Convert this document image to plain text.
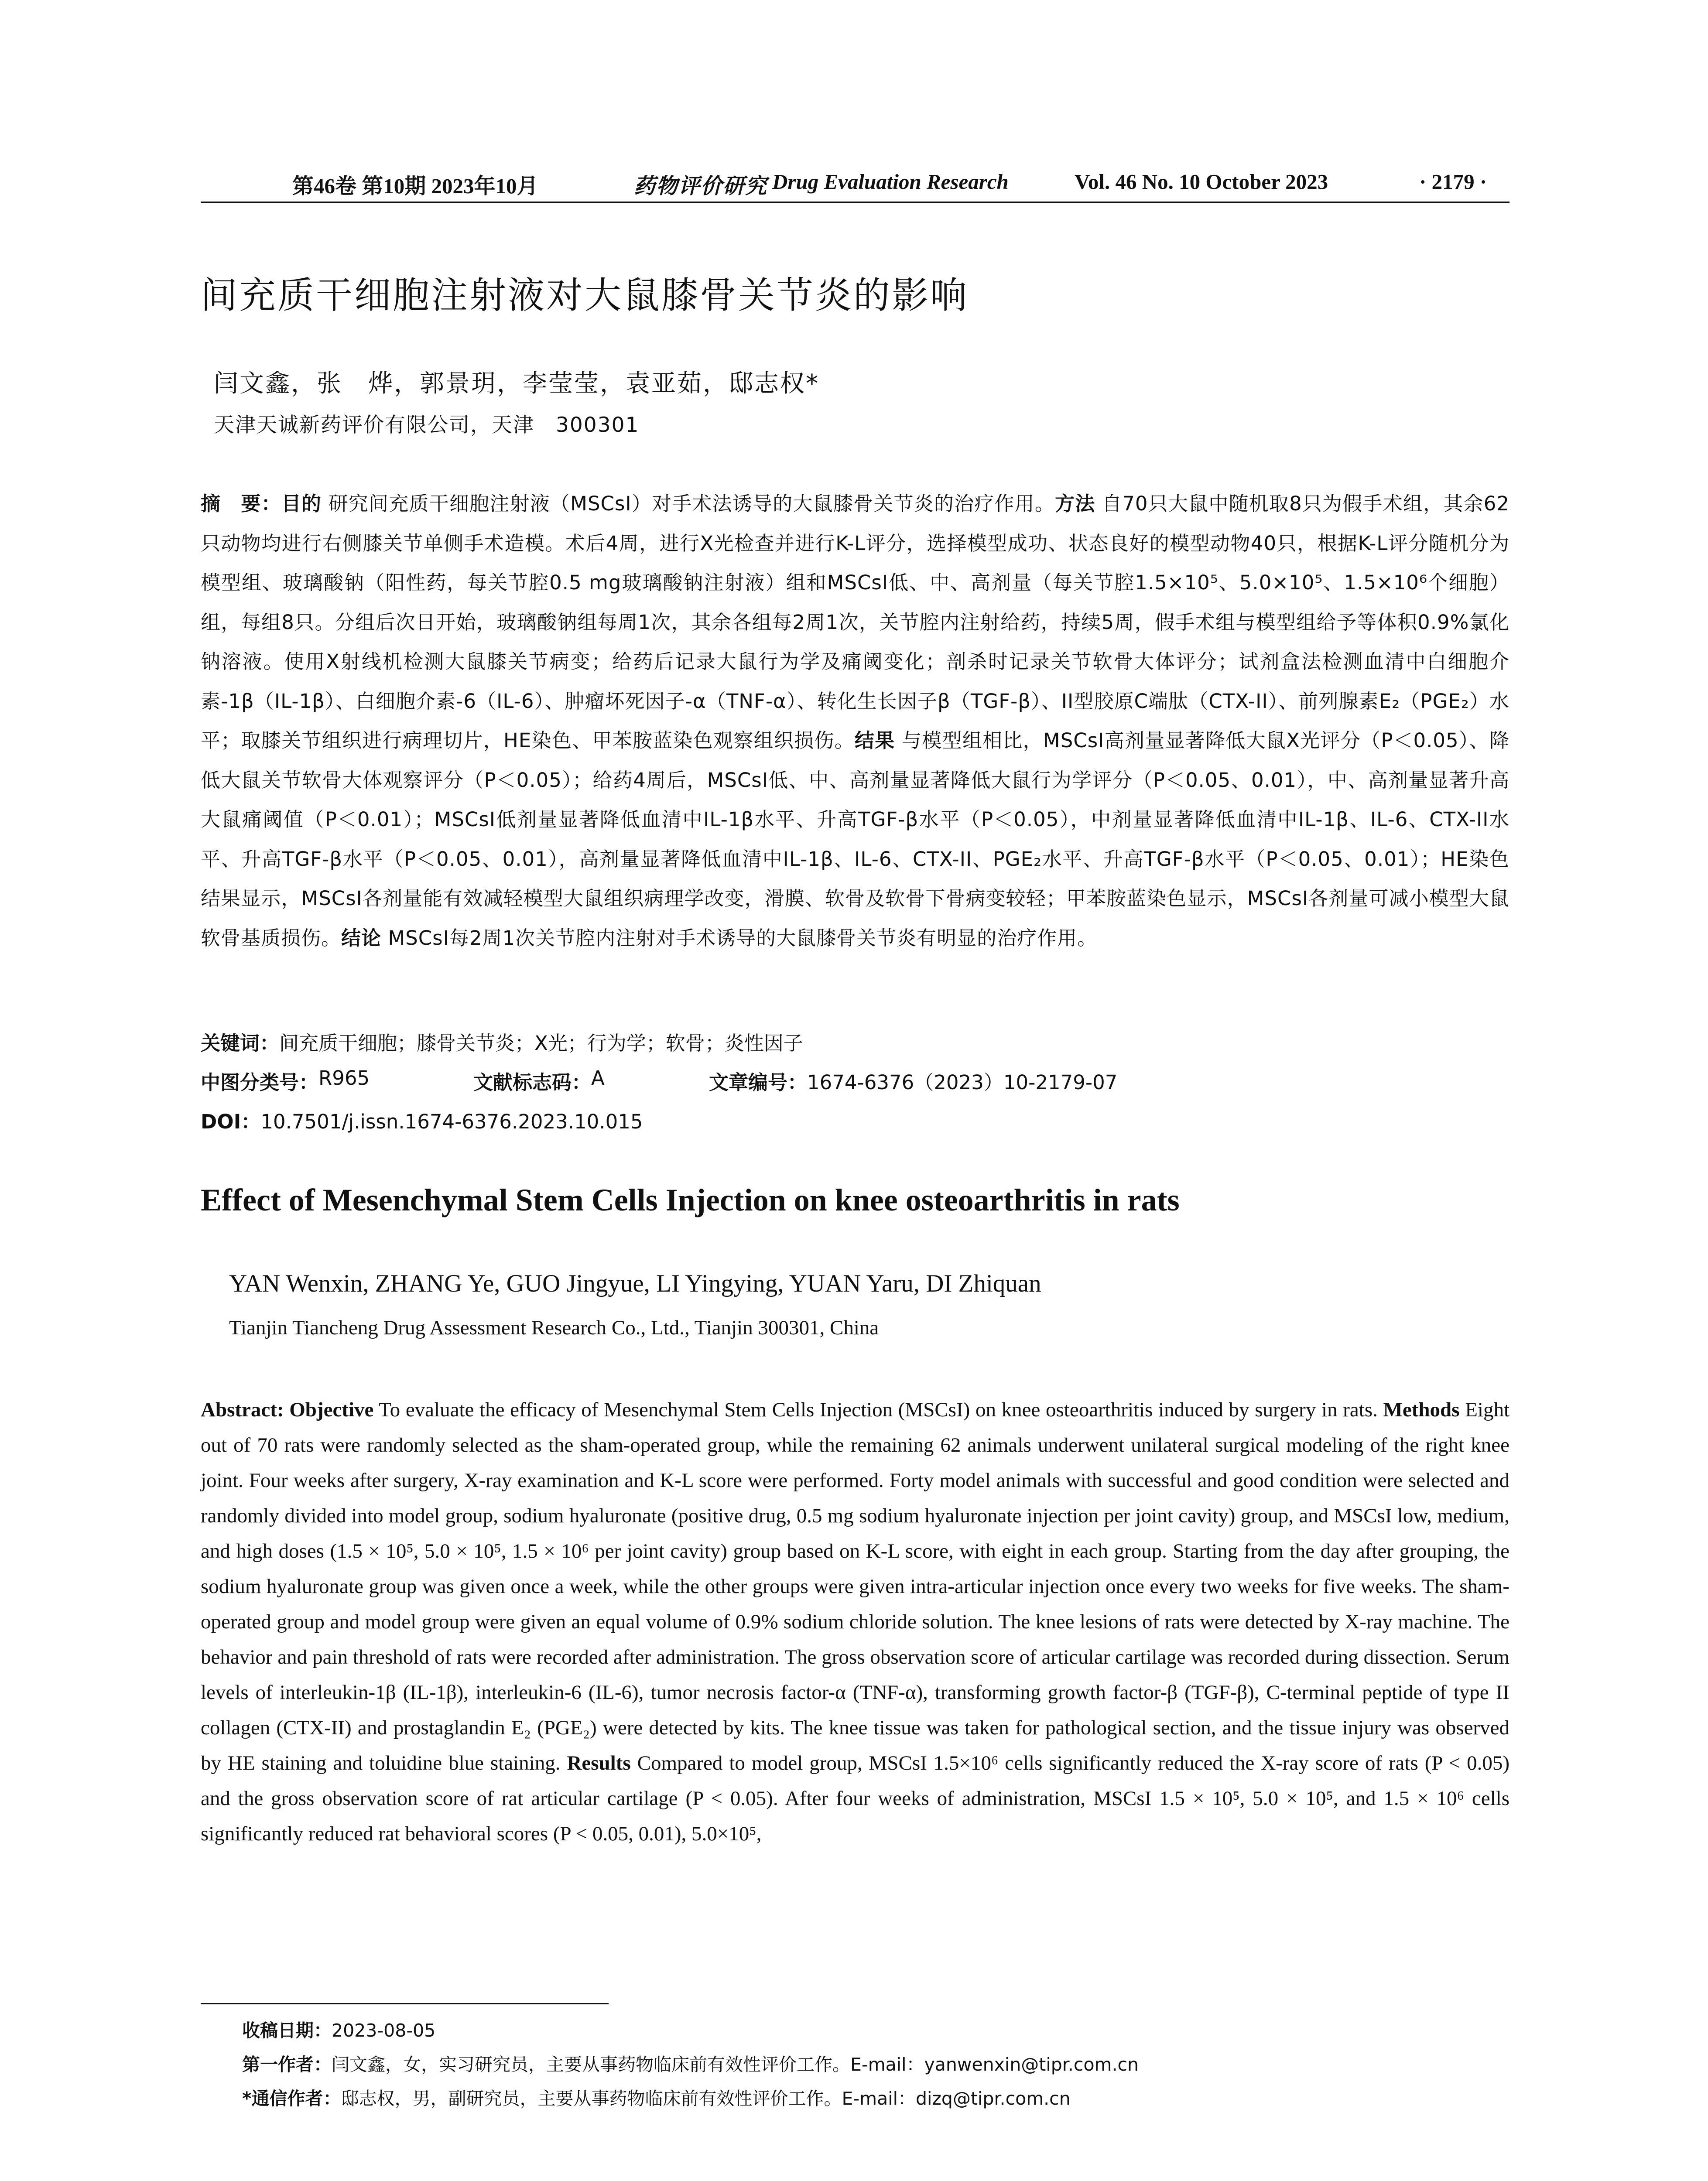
第46卷 第10期 2023年10月	药物评价研究 Drug Evaluation Research	Vol. 46 No. 10 October 2023	· 2179 ·
间充质干细胞注射液对大鼠膝骨关节炎的影响

闫文鑫，张　烨，郭景玥，李莹莹，袁亚茹，邸志权*

天津天诚新药评价有限公司，天津　300301

摘　要：目的 研究间充质干细胞注射液（MSCsI）对手术法诱导的大鼠膝骨关节炎的治疗作用。方法 自70只大鼠中随机取8只为假手术组，其余62只动物均进行右侧膝关节单侧手术造模。术后4周，进行X光检查并进行K-L评分，选择模型成功、状态良好的模型动物40只，根据K-L评分随机分为模型组、玻璃酸钠（阳性药，每关节腔0.5 mg玻璃酸钠注射液）组和MSCsI低、中、高剂量（每关节腔1.5×10⁵、5.0×10⁵、1.5×10⁶个细胞）组，每组8只。分组后次日开始，玻璃酸钠组每周1次，其余各组每2周1次，关节腔内注射给药，持续5周，假手术组与模型组给予等体积0.9%氯化钠溶液。使用X射线机检测大鼠膝关节病变；给药后记录大鼠行为学及痛阈变化；剖杀时记录关节软骨大体评分；试剂盒法检测血清中白细胞介素-1β（IL-1β）、白细胞介素-6（IL-6）、肿瘤坏死因子-α（TNF-α）、转化生长因子β（TGF-β）、II型胶原C端肽（CTX-II）、前列腺素E₂（PGE₂）水平；取膝关节组织进行病理切片，HE染色、甲苯胺蓝染色观察组织损伤。结果 与模型组相比，MSCsI高剂量显著降低大鼠X光评分（P＜0.05）、降低大鼠关节软骨大体观察评分（P＜0.05）；给药4周后，MSCsI低、中、高剂量显著降低大鼠行为学评分（P＜0.05、0.01），中、高剂量显著升高大鼠痛阈值（P＜0.01）；MSCsI低剂量显著降低血清中IL-1β水平、升高TGF-β水平（P＜0.05），中剂量显著降低血清中IL-1β、IL-6、CTX-II水平、升高TGF-β水平（P＜0.05、0.01），高剂量显著降低血清中IL-1β、IL-6、CTX-II、PGE₂水平、升高TGF-β水平（P＜0.05、0.01）；HE染色结果显示，MSCsI各剂量能有效减轻模型大鼠组织病理学改变，滑膜、软骨及软骨下骨病变较轻；甲苯胺蓝染色显示，MSCsI各剂量可减小模型大鼠软骨基质损伤。结论 MSCsI每2周1次关节腔内注射对手术诱导的大鼠膝骨关节炎有明显的治疗作用。

关键词：间充质干细胞；膝骨关节炎；X光；行为学；软骨；炎性因子

中图分类号： R965	文献标志码： A	文章编号： 1674-6376（2023）10-2179-07

DOI：10.7501/j.issn.1674-6376.2023.10.015

Effect of Mesenchymal Stem Cells Injection on knee osteoarthritis in rats

YAN Wenxin, ZHANG Ye, GUO Jingyue, LI Yingying, YUAN Yaru, DI Zhiquan

Tianjin Tiancheng Drug Assessment Research Co., Ltd., Tianjin 300301, China

Abstract: Objective To evaluate the efficacy of Mesenchymal Stem Cells Injection (MSCsI) on knee osteoarthritis induced by surgery in rats. Methods Eight out of 70 rats were randomly selected as the sham-operated group, while the remaining 62 animals underwent unilateral surgical modeling of the right knee joint. Four weeks after surgery, X-ray examination and K-L score were performed. Forty model animals with successful and good condition were selected and randomly divided into model group, sodium hyaluronate (positive drug, 0.5 mg sodium hyaluronate injection per joint cavity) group, and MSCsI low, medium, and high doses (1.5 × 10⁵, 5.0 × 10⁵, 1.5 × 10⁶ per joint cavity) group based on K-L score, with eight in each group. Starting from the day after grouping, the sodium hyaluronate group was given once a week, while the other groups were given intra-articular injection once every two weeks for five weeks. The sham-operated group and model group were given an equal volume of 0.9% sodium chloride solution. The knee lesions of rats were detected by X-ray machine. The behavior and pain threshold of rats were recorded after administration. The gross observation score of articular cartilage was recorded during dissection. Serum levels of interleukin-1β (IL-1β), interleukin-6 (IL-6), tumor necrosis factor-α (TNF-α), transforming growth factor-β (TGF-β), C-terminal peptide of type II collagen (CTX-II) and prostaglandin E₂ (PGE₂) were detected by kits. The knee tissue was taken for pathological section, and the tissue injury was observed by HE staining and toluidine blue staining. Results Compared to model group, MSCsI 1.5×10⁶ cells significantly reduced the X-ray score of rats (P < 0.05) and the gross observation score of rat articular cartilage (P < 0.05). After four weeks of administration, MSCsI 1.5 × 10⁵, 5.0 × 10⁵, and 1.5 × 10⁶ cells significantly reduced rat behavioral scores (P < 0.05, 0.01), 5.0×10⁵,

收稿日期：2023-08-05

第一作者：闫文鑫，女，实习研究员，主要从事药物临床前有效性评价工作。E-mail：yanwenxin@tipr.com.cn

*通信作者：邸志权，男，副研究员，主要从事药物临床前有效性评价工作。E-mail：dizq@tipr.com.cn
